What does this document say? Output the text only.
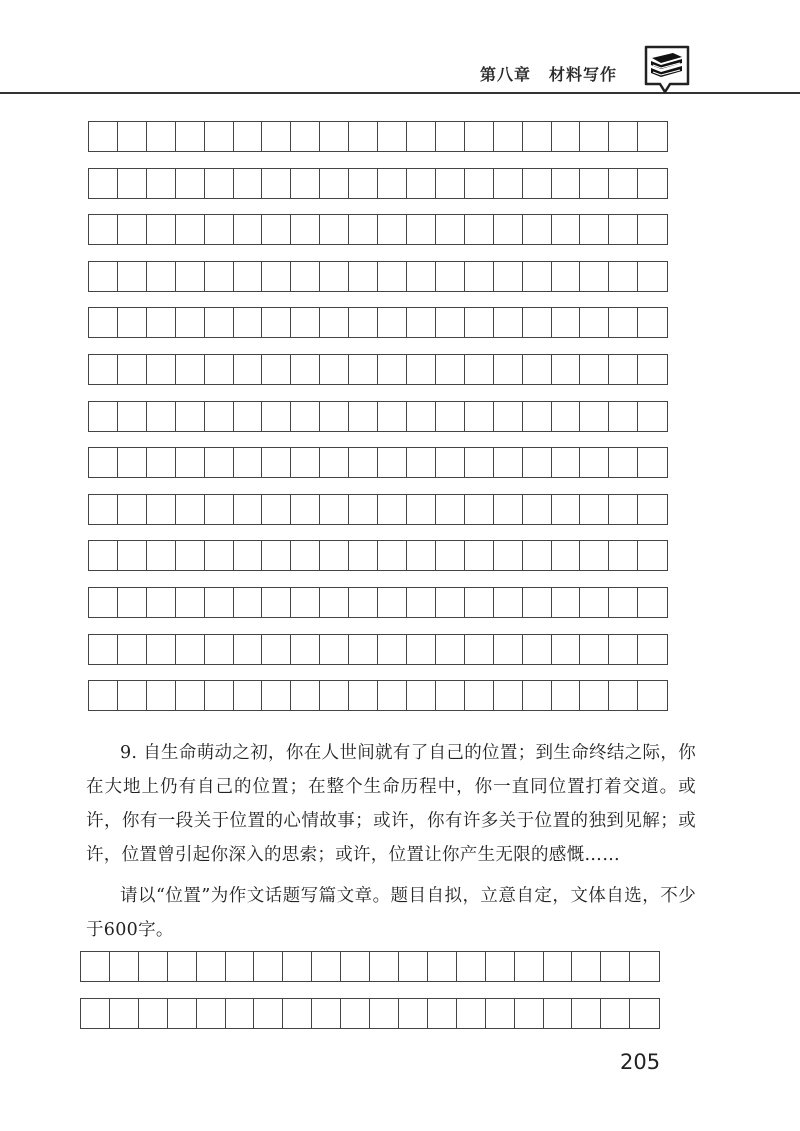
第八章 材料写作

9. 自生命萌动之初，你在人世间就有了自己的位置；到生命终结之际，你在大地上仍有自己的位置；在整个生命历程中，你一直同位置打着交道。或许，你有一段关于位置的心情故事；或许，你有许多关于位置的独到见解；或许，位置曾引起你深入的思索；或许，位置让你产生无限的感慨……

请以“位置”为作文话题写篇文章。题目自拟，立意自定，文体自选，不少于600字。

205
